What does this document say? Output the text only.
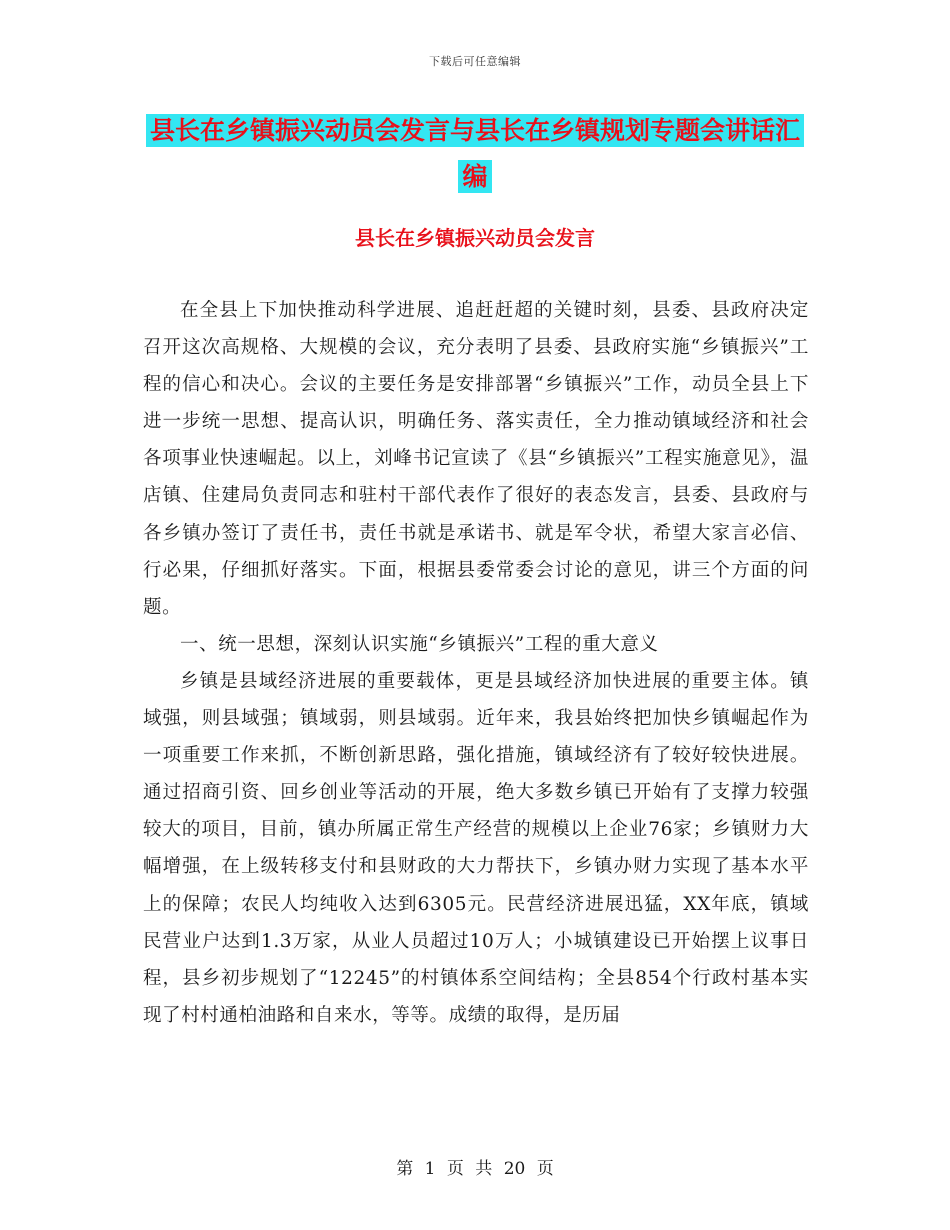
下载后可任意编辑
县长在乡镇振兴动员会发言与县长在乡镇规划专题会讲话汇编
县长在乡镇振兴动员会发言

在全县上下加快推动科学进展、追赶赶超的关键时刻，县委、县政府决定召开这次高规格、大规模的会议，充分表明了县委、县政府实施“乡镇振兴”工程的信心和决心。会议的主要任务是安排部署“乡镇振兴”工作，动员全县上下进一步统一思想、提高认识，明确任务、落实责任，全力推动镇域经济和社会各项事业快速崛起。以上，刘峰书记宣读了《县“乡镇振兴”工程实施意见》，温店镇、住建局负责同志和驻村干部代表作了很好的表态发言，县委、县政府与各乡镇办签订了责任书，责任书就是承诺书、就是军令状，希望大家言必信、行必果，仔细抓好落实。下面，根据县委常委会讨论的意见，讲三个方面的问题。

一、统一思想，深刻认识实施“乡镇振兴”工程的重大意义

乡镇是县域经济进展的重要载体，更是县域经济加快进展的重要主体。镇域强，则县域强；镇域弱，则县域弱。近年来，我县始终把加快乡镇崛起作为一项重要工作来抓，不断创新思路，强化措施，镇域经济有了较好较快进展。通过招商引资、回乡创业等活动的开展，绝大多数乡镇已开始有了支撑力较强较大的项目，目前，镇办所属正常生产经营的规模以上企业76家；乡镇财力大幅增强，在上级转移支付和县财政的大力帮扶下，乡镇办财力实现了基本水平上的保障；农民人均纯收入达到6305元。民营经济进展迅猛，XX年底，镇域民营业户达到1.3万家，从业人员超过10万人；小城镇建设已开始摆上议事日程，县乡初步规划了“12245”的村镇体系空间结构；全县854个行政村基本实现了村村通柏油路和自来水，等等。成绩的取得，是历届

第 1 页 共 20 页
